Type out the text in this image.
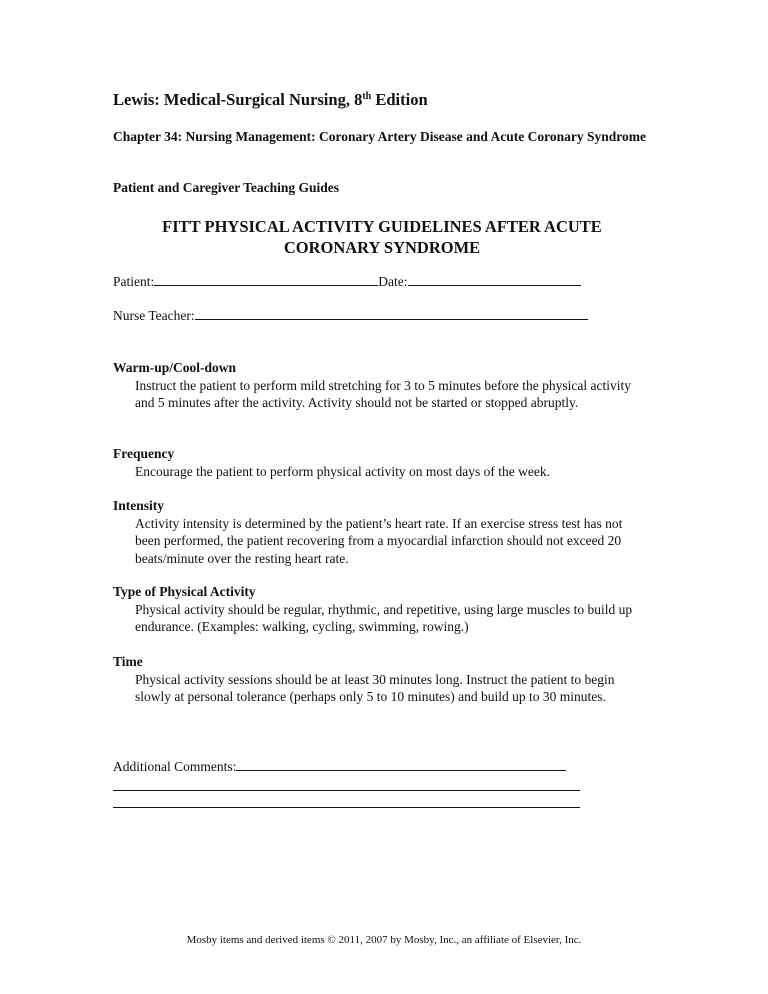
Lewis: Medical-Surgical Nursing, 8th Edition
Chapter 34: Nursing Management: Coronary Artery Disease and Acute Coronary Syndrome
Patient and Caregiver Teaching Guides
FITT PHYSICAL ACTIVITY GUIDELINES AFTER ACUTE CORONARY SYNDROME
Patient:	Date:
Nurse Teacher:
Warm-up/Cool-down

Instruct the patient to perform mild stretching for 3 to 5 minutes before the physical activity and 5 minutes after the activity. Activity should not be started or stopped abruptly.

Frequency

Encourage the patient to perform physical activity on most days of the week.

Intensity

Activity intensity is determined by the patient’s heart rate. If an exercise stress test has not been performed, the patient recovering from a myocardial infarction should not exceed 20 beats/minute over the resting heart rate.

Type of Physical Activity

Physical activity should be regular, rhythmic, and repetitive, using large muscles to build up endurance. (Examples: walking, cycling, swimming, rowing.)

Time

Physical activity sessions should be at least 30 minutes long. Instruct the patient to begin slowly at personal tolerance (perhaps only 5 to 10 minutes) and build up to 30 minutes.

Additional Comments:
Mosby items and derived items © 2011, 2007 by Mosby, Inc., an affiliate of Elsevier, Inc.
